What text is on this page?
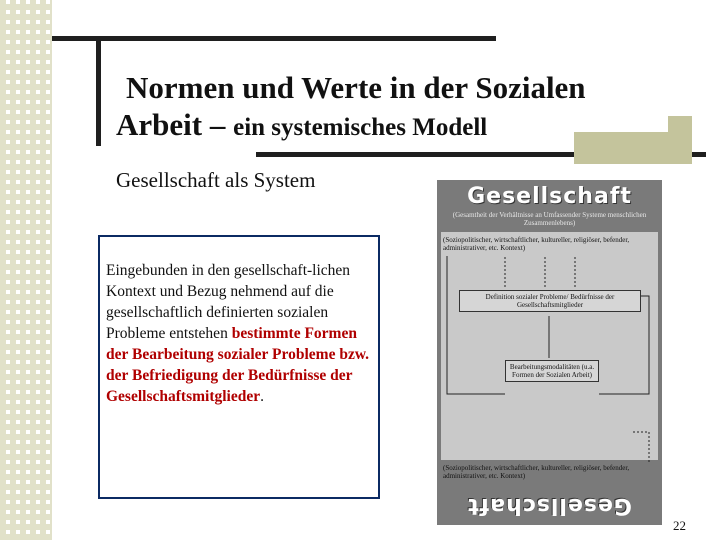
Normen und Werte in der Sozialen
Arbeit – ein systemisches Modell
Gesellschaft als System
Eingebunden in den gesellschaft-lichen Kontext und Bezug nehmend auf die gesellschaftlich definierten sozialen Probleme entstehen bestimmte Formen der Bearbeitung sozialer Probleme bzw. der Befriedigung der Bedürfnisse der Gesellschaftsmitglieder.
Gesellschaft
(Gesamtheit der Verhältnisse an Umfassender Systeme menschlichen Zusammenlebens)
(Soziopolitischer, wirtschaftlicher, kultureller, religiöser, befender, administrativer, etc. Kontext)
Definition sozialer Probleme/ Bedürfnisse der Gesellschaftsmitglieder
Bearbeitungsmodalitäten (u.a. Formen der Sozialen Arbeit)
(Soziopolitischer, wirtschaftlicher, kultureller, religiöser, befender, administrativer, etc. Kontext)
Gesellschaft
22
